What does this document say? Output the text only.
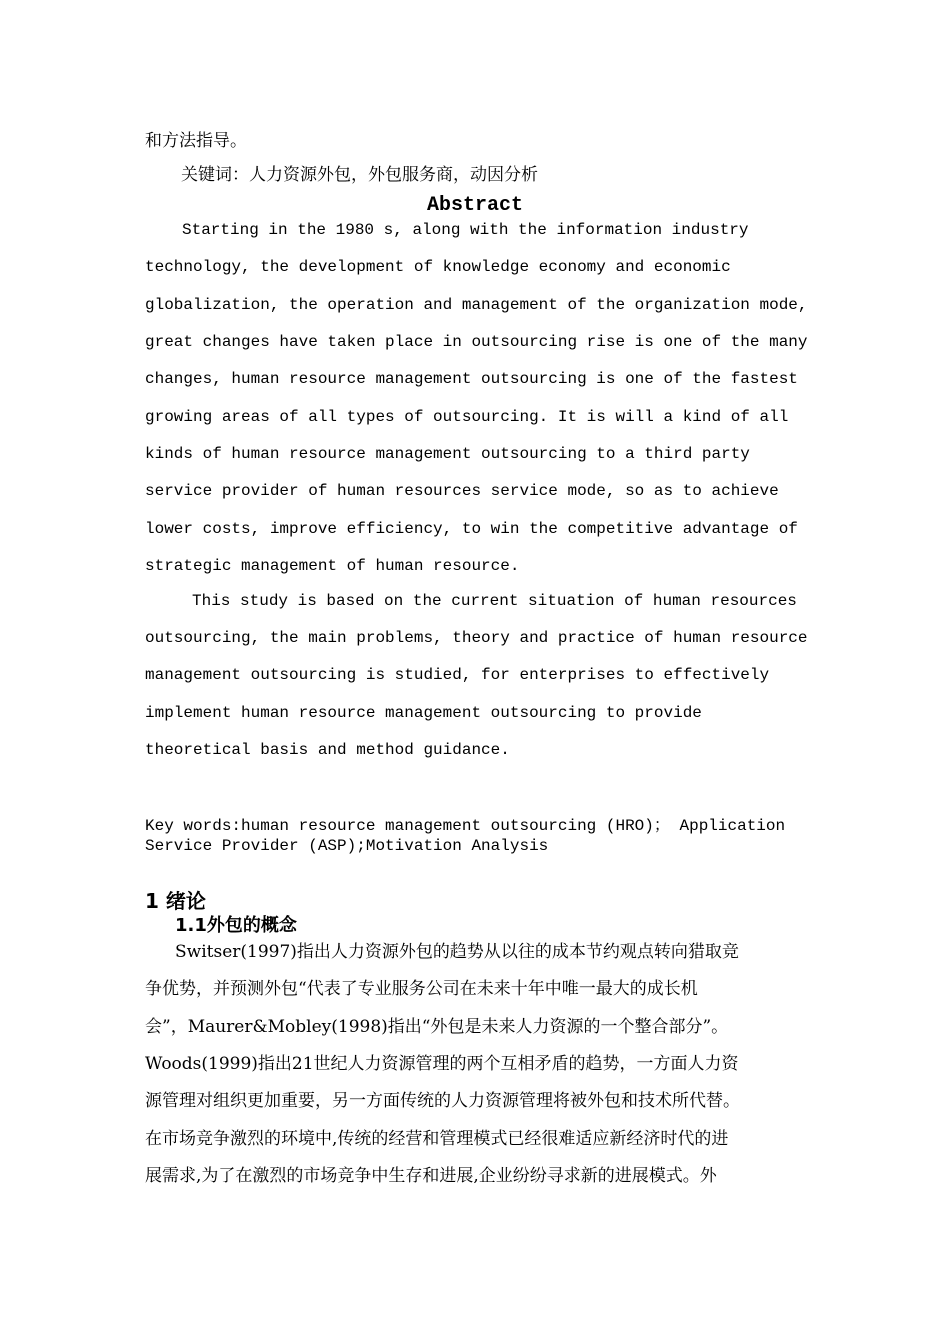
和方法指导。

关键词：人力资源外包，外包服务商，动因分析

Abstract

Starting in the 1980 s, along with the information industry

technology, the development of knowledge economy and economic

globalization, the operation and management of the organization mode,

great changes have taken place in outsourcing rise is one of the many

changes, human resource management outsourcing is one of the fastest

growing areas of all types of outsourcing. It is will a kind of all

kinds of human resource management outsourcing to a third party

service provider of human resources service mode, so as to achieve

lower costs, improve efficiency, to win the competitive advantage of

strategic management of human resource.

This study is based on the current situation of human resources

outsourcing, the main problems, theory and practice of human resource

management outsourcing is studied, for enterprises to effectively

implement human resource management outsourcing to provide

theoretical basis and method guidance.

Key words:human resource management outsourcing (HRO)； Application

Service Provider (ASP);Motivation Analysis

1 绪论

1.1外包的概念

Switser(1997)指出人力资源外包的趋势从以往的成本节约观点转向猎取竞

争优势，并预测外包“代表了专业服务公司在未来十年中唯一最大的成长机

会”，Maurer&Mobley(1998)指出“外包是未来人力资源的一个整合部分”。

Woods(1999)指出21世纪人力资源管理的两个互相矛盾的趋势，一方面人力资

源管理对组织更加重要，另一方面传统的人力资源管理将被外包和技术所代替。

在市场竞争激烈的环境中,传统的经营和管理模式已经很难适应新经济时代的进

展需求,为了在激烈的市场竞争中生存和进展,企业纷纷寻求新的进展模式。外
